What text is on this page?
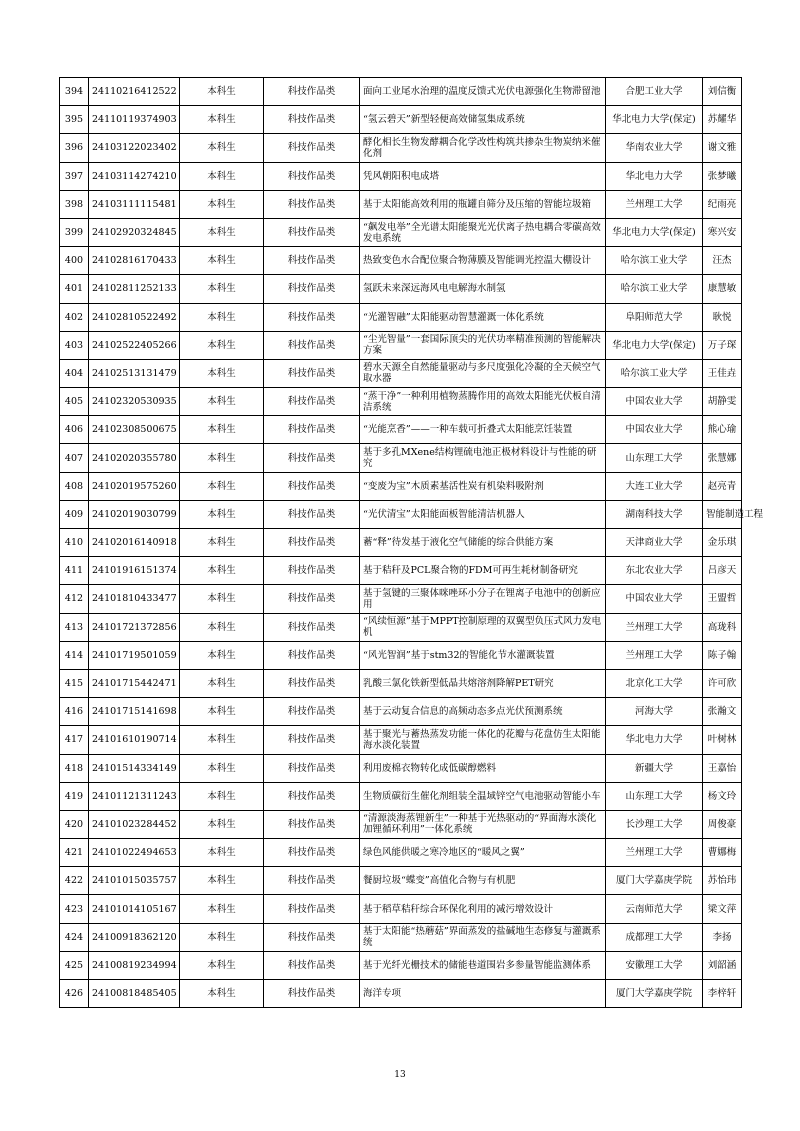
394	24110216412522	本科生	科技作品类	面向工业尾水治理的温度反馈式光伏电源强化生物滞留池	合肥工业大学	刘信衡
395	24110119374903	本科生	科技作品类	“氢云碧天”新型轻便高效储氢集成系统	华北电力大学(保定)	苏耀华
396	24103122023402	本科生	科技作品类	酵化相长生物发酵耦合化学改性构筑共掺杂生物炭纳米催化剂	华南农业大学	谢文雅
397	24103114274210	本科生	科技作品类	凭风朝阳积电成塔	华北电力大学	张梦曦
398	24103111115481	本科生	科技作品类	基于太阳能高效利用的瓶罐自筛分及压缩的智能垃圾箱	兰州理工大学	纪雨亮
399	24102920324845	本科生	科技作品类	“飙发电举”全光谱太阳能聚光光伏离子热电耦合零碳高效发电系统	华北电力大学(保定)	寒兴安
400	24102816170433	本科生	科技作品类	热致变色水合配位聚合物薄膜及智能调光控温大棚设计	哈尔滨工业大学	汪杰
401	24102811252133	本科生	科技作品类	氢跃未来深远海风电电解海水制氢	哈尔滨工业大学	康慧敏
402	24102810522492	本科生	科技作品类	“光灌智融”太阳能驱动智慧灌溉一体化系统	阜阳师范大学	耿悦
403	24102522405266	本科生	科技作品类	“尘光智量”一套国际顶尖的光伏功率精准预测的智能解决方案	华北电力大学(保定)	万子琛
404	24102513131479	本科生	科技作品类	碧水天源全自然能量驱动与多尺度强化冷凝的全天候空气取水器	哈尔滨工业大学	王佳垚
405	24102320530935	本科生	科技作品类	“蒸干净”一种利用植物蒸腾作用的高效太阳能光伏板自清洁系统	中国农业大学	胡静雯
406	24102308500675	本科生	科技作品类	“光能烹香”——一种车载可折叠式太阳能烹饪装置	中国农业大学	熊心瑜
407	24102020355780	本科生	科技作品类	基于多孔MXene结构锂硫电池正极材料设计与性能的研究	山东理工大学	张慧娜
408	24102019575260	本科生	科技作品类	“变废为宝”木质素基活性炭有机染料吸附剂	大连工业大学	赵亮青
409	24102019030799	本科生	科技作品类	“光伏清宝”太阳能面板智能清洁机器人	湖南科技大学	智能制造工程
410	24102016140918	本科生	科技作品类	蓄“释”待发基于液化空气储能的综合供能方案	天津商业大学	金乐琪
411	24101916151374	本科生	科技作品类	基于秸秆及PCL聚合物的FDM可再生耗材制备研究	东北农业大学	吕彦天
412	24101810433477	本科生	科技作品类	基于氢键的三聚体咪唑环小分子在锂离子电池中的创新应用	中国农业大学	王盟哲
413	24101721372856	本科生	科技作品类	“风续恒源”基于MPPT控制原理的双翼型负压式风力发电机	兰州理工大学	高珑科
414	24101719501059	本科生	科技作品类	“风光智润”基于stm32的智能化节水灌溉装置	兰州理工大学	陈子翰
415	24101715442471	本科生	科技作品类	乳酸三氯化铁新型低晶共熔溶剂降解PET研究	北京化工大学	许可欣
416	24101715141698	本科生	科技作品类	基于云动复合信息的高频动态多点光伏预测系统	河海大学	张瀚文
417	24101610190714	本科生	科技作品类	基于聚光与蓄热蒸发功能一体化的花瓣与花盘仿生太阳能海水淡化装置	华北电力大学	叶树林
418	24101514334149	本科生	科技作品类	利用废棉衣物转化成低碳醇燃料	新疆大学	王嘉怡
419	24101121311243	本科生	科技作品类	生物质碳衍生催化剂组装全温域锌空气电池驱动智能小车	山东理工大学	杨文玲
420	24101023284452	本科生	科技作品类	“清源淡海蒸锂新生”一种基于光热驱动的“界面海水淡化加锂循环利用”一体化系统	长沙理工大学	周俊豪
421	24101022494653	本科生	科技作品类	绿色风能供暖之寒冷地区的“暖风之翼”	兰州理工大学	曹娜梅
422	24101015035757	本科生	科技作品类	餐厨垃圾“蝶变”高值化合物与有机肥	厦门大学嘉庚学院	苏怡玮
423	24101014105167	本科生	科技作品类	基于稻草秸秆综合环保化利用的减污增效设计	云南师范大学	梁文萍
424	24100918362120	本科生	科技作品类	基于太阳能“热蘑菇”界面蒸发的盐碱地生态修复与灌溉系统	成都理工大学	李扬
425	24100819234994	本科生	科技作品类	基于光纤光栅技术的储能巷道围岩多参量智能监测体系	安徽理工大学	刘韶涵
426	24100818485405	本科生	科技作品类	海洋专项	厦门大学嘉庚学院	李梓轩
13
